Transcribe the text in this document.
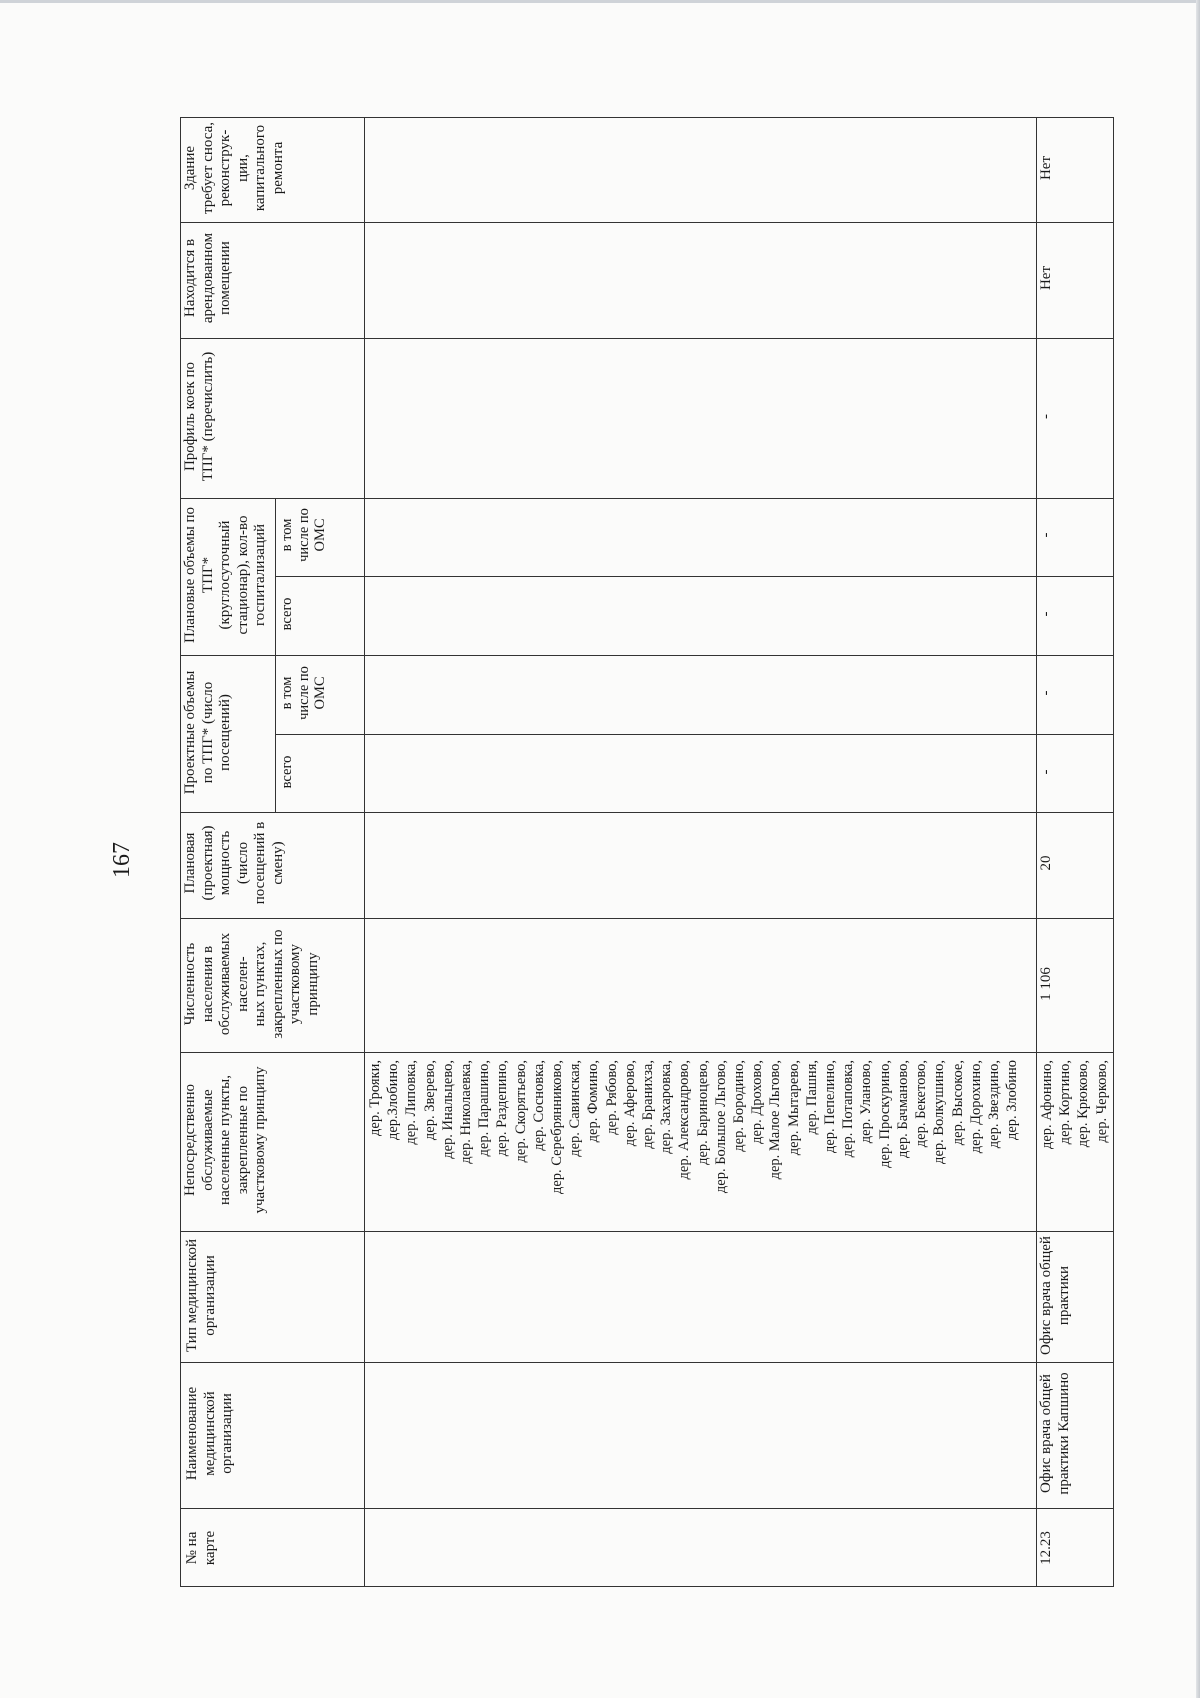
167
№ на
карте
Наименование
медицинской
организации
Тип медицинской
организации
Непосредственно
обслуживаемые
населенные пункты,
закрепленные по
участковому принципу
Численность
населения в
обслуживаемых
населен-
ных пунктах,
закрепленных по
участковому
принципу
Плановая
(проектная)
мощность
(число
посещений в
смену)
Проектные объемы
по ТПГ* (число
посещений)
всего
в том
числе по
ОМС
Плановые объемы по
ТПГ*
(круглосуточный
стационар), кол-во
госпитализаций всего
в том
числе по
ОМС
Профиль коек по
ТПГ* (перечислить)
Находится в
арендованном
помещении
Здание
требует сноса,
реконструк-
ции,
капитального
ремонта
дер. Трояки,
дер.Злобино,
дер. Липовка,
дер. Зверево,
дер. Инальцево,
дер. Николаевка,
дер. Парашино,
дер. Раздепино,
дер. Скорятьево,
дер. Сосновка,
дер. Серебрянниково,
дер. Савинская,
дер. Фомино,
дер. Рябово,
дер. Аферово,
дер. Бранихза,
дер. Захаровка,
дер. Александрово,
дер. Бариноцево,
дер. Большое Льгово,
дер. Бородино,
дер. Дрохово,
дер. Малое Льгово,
дер. Мытарево,
дер. Пашня,
дер. Пепелино,
дер. Потаповка,
дер. Уланово,
дер. Проскурино,
дер. Бачманово,
дер. Бекетово,
дер. Волкушино,
дер. Высокое,
дер. Дорохино,
дер. Звездино,
дер. Злобино
12.23
Офис врача общей
практики Капшино
Офис врача общей
практики
дер. Афонино,
дер. Кортино,
дер. Крюково,
дер. Черково,
1 106
20
-
-
-
-
-
Нет
Нет
